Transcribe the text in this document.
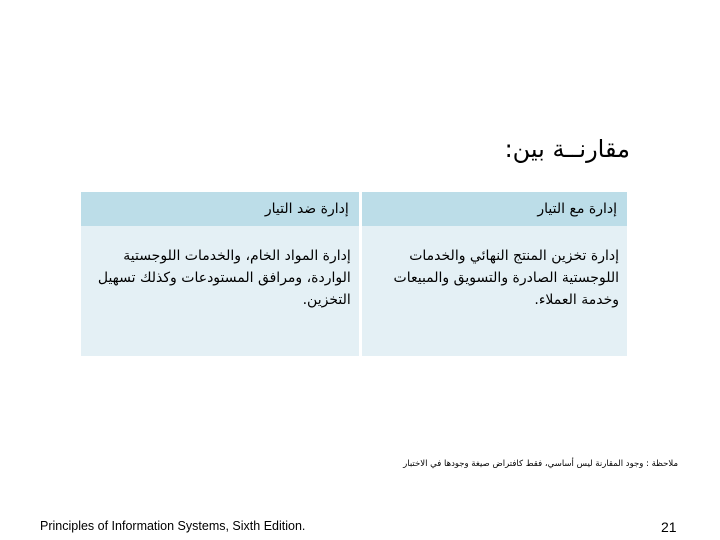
مقارنــة بين:
إدارة مع التيار	إدارة ضد التيار

إدارة تخزين المنتج النهائي والخدمات اللوجستية الصادرة والتسويق والمبيعات وخدمة العملاء.	إدارة المواد الخام، والخدمات اللوجستية الواردة، ومرافق المستودعات وكذلك تسهيل التخزين.
ملاحظة : وجود المقارنة ليس أساسي، فقط كافتراض صيغة وجودها في الاختبار
Principles of Information Systems, Sixth Edition.	21
